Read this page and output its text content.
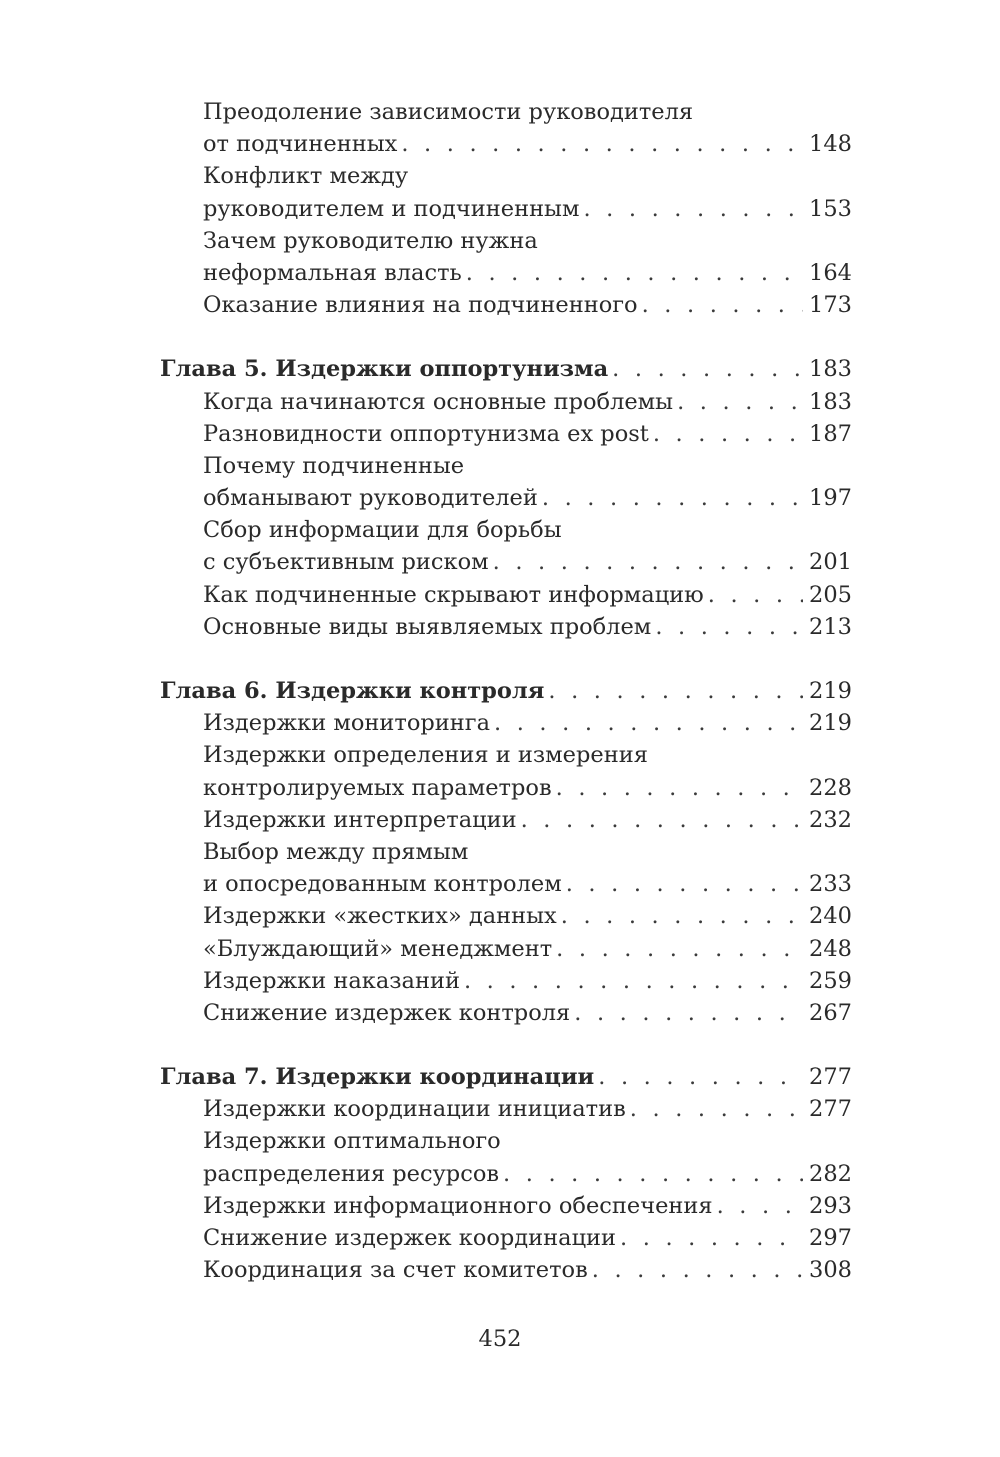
Преодоление зависимости руководителя
от подчиненных . . .	148
Конфликт между
руководителем и подчиненным . . .	153
Зачем руководителю нужна
неформальная власть . . .	164
Оказание влияния на подчиненного . . .	173
Глава 5. Издержки оппортунизма . . .	183
Когда начинаются основные проблемы . . .	183
Разновидности оппортунизма ex post . . .	187
Почему подчиненные
обманывают руководителей . . .	197
Сбор информации для борьбы
с субъективным риском . . .	201
Как подчиненные скрывают информацию . . .	205
Основные виды выявляемых проблем . . .	213
Глава 6. Издержки контроля . . .	219
Издержки мониторинга . . .	219
Издержки определения и измерения
контролируемых параметров . . .	228
Издержки интерпретации . . .	232
Выбор между прямым
и опосредованным контролем . . .	233
Издержки «жестких» данных . . .	240
«Блуждающий» менеджмент . . .	248
Издержки наказаний . . .	259
Снижение издержек контроля . . .	267
Глава 7. Издержки координации . . .	277
Издержки координации инициатив . . .	277
Издержки оптимального
распределения ресурсов . . .	282
Издержки информационного обеспечения . . .	293
Снижение издержек координации . . .	297
Координация за счет комитетов . . .	308
452
